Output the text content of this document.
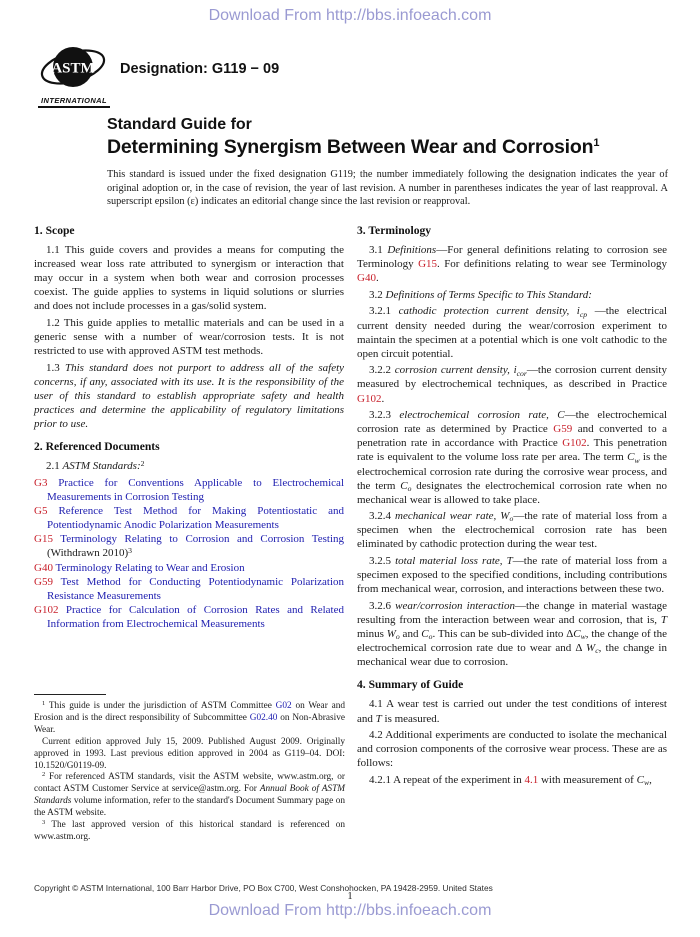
Download From http://bbs.infoeach.com
ASTM
INTERNATIONAL
Designation: G119 − 09
Standard Guide for
Determining Synergism Between Wear and Corrosion$^1$
This standard is issued under the fixed designation G119; the number immediately following the designation indicates the year of original adoption or, in the case of revision, the year of last revision. A number in parentheses indicates the year of last reapproval. A superscript epsilon (ε) indicates an editorial change since the last revision or reapproval.
1. Scope

1.1 This guide covers and provides a means for computing the increased wear loss rate attributed to synergism or interaction that may occur in a system when both wear and corrosion processes coexist. The guide applies to systems in liquid solutions or slurries and does not include processes in a gas/solid system.

1.2 This guide applies to metallic materials and can be used in a generic sense with a number of wear/corrosion tests. It is not restricted to use with approved ASTM test methods.

1.3 This standard does not purport to address all of the safety concerns, if any, associated with its use. It is the responsibility of the user of this standard to establish appropriate safety and health practices and determine the applicability of regulatory limitations prior to use.

2. Referenced Documents

2.1 ASTM Standards:$^2$

G3 Practice for Conventions Applicable to Electrochemical Measurements in Corrosion Testing

G5 Reference Test Method for Making Potentiostatic and Potentiodynamic Anodic Polarization Measurements

G15 Terminology Relating to Corrosion and Corrosion Testing (Withdrawn 2010)$^3$

G40 Terminology Relating to Wear and Erosion

G59 Test Method for Conducting Potentiodynamic Polarization Resistance Measurements

G102 Practice for Calculation of Corrosion Rates and Related Information from Electrochemical Measurements

3. Terminology

3.1 Definitions—For general definitions relating to corrosion see Terminology G15. For definitions relating to wear see Terminology G40.

3.2 Definitions of Terms Specific to This Standard:

3.2.1 cathodic protection current density, $i_{cp}$ —the electrical current density needed during the wear/corrosion experiment to maintain the specimen at a potential which is one volt cathodic to the open circuit potential.

3.2.2 corrosion current density, $i_{cor}—the$ corrosion current density measured by electrochemical techniques, as described in Practice G102.

3.2.3 electrochemical corrosion rate, C—the electrochemical corrosion rate as determined by Practice G59 and converted to a penetration rate in accordance with Practice G102. This penetration rate is equivalent to the volume loss rate per area. The term $C_w$ is the electrochemical corrosion rate during the corrosive wear process, and the term $C_o$ designates the electrochemical corrosion rate when no mechanical wear is allowed to take place.

3.2.4 mechanical wear rate, $W_o—the$ rate of material loss from a specimen when the electrochemical corrosion rate has been eliminated by cathodic protection during the wear test.

3.2.5 total material loss rate, T—the rate of material loss from a specimen exposed to the specified conditions, including contributions from mechanical wear, corrosion, and interactions between these two.

3.2.6 wear/corrosion interaction—the change in material wastage resulting from the interaction between wear and corrosion, that is, T minus $W_o$ and $C_o$. This can be sub-divided into $\Delta C_w$, the change of the electrochemical corrosion rate due to wear and Δ $W_c$, the change in mechanical wear due to corrosion.

4. Summary of Guide

4.1 A wear test is carried out under the test conditions of interest and T is measured.

4.2 Additional experiments are conducted to isolate the mechanical and corrosion components of the corrosive wear process. These are as follows:

4.2.1 A repeat of the experiment in 4.1 with measurement of $C_w$,

$^1$ This guide is under the jurisdiction of ASTM Committee G02 on Wear and Erosion and is the direct responsibility of Subcommittee G02.40 on Non-Abrasive Wear.

Current edition approved July 15, 2009. Published August 2009. Originally approved in 1993. Last previous edition approved in 2004 as G119–04. DOI: 10.1520/G0119-09.

$^2$ For referenced ASTM standards, visit the ASTM website, www.astm.org, or contact ASTM Customer Service at service@astm.org. For Annual Book of ASTM Standards volume information, refer to the standard's Document Summary page on the ASTM website.

$^3$ The last approved version of this historical standard is referenced on www.astm.org.

Copyright © ASTM International, 100 Barr Harbor Drive, PO Box C700, West Conshohocken, PA 19428-2959. United States
1
Download From http://bbs.infoeach.com
